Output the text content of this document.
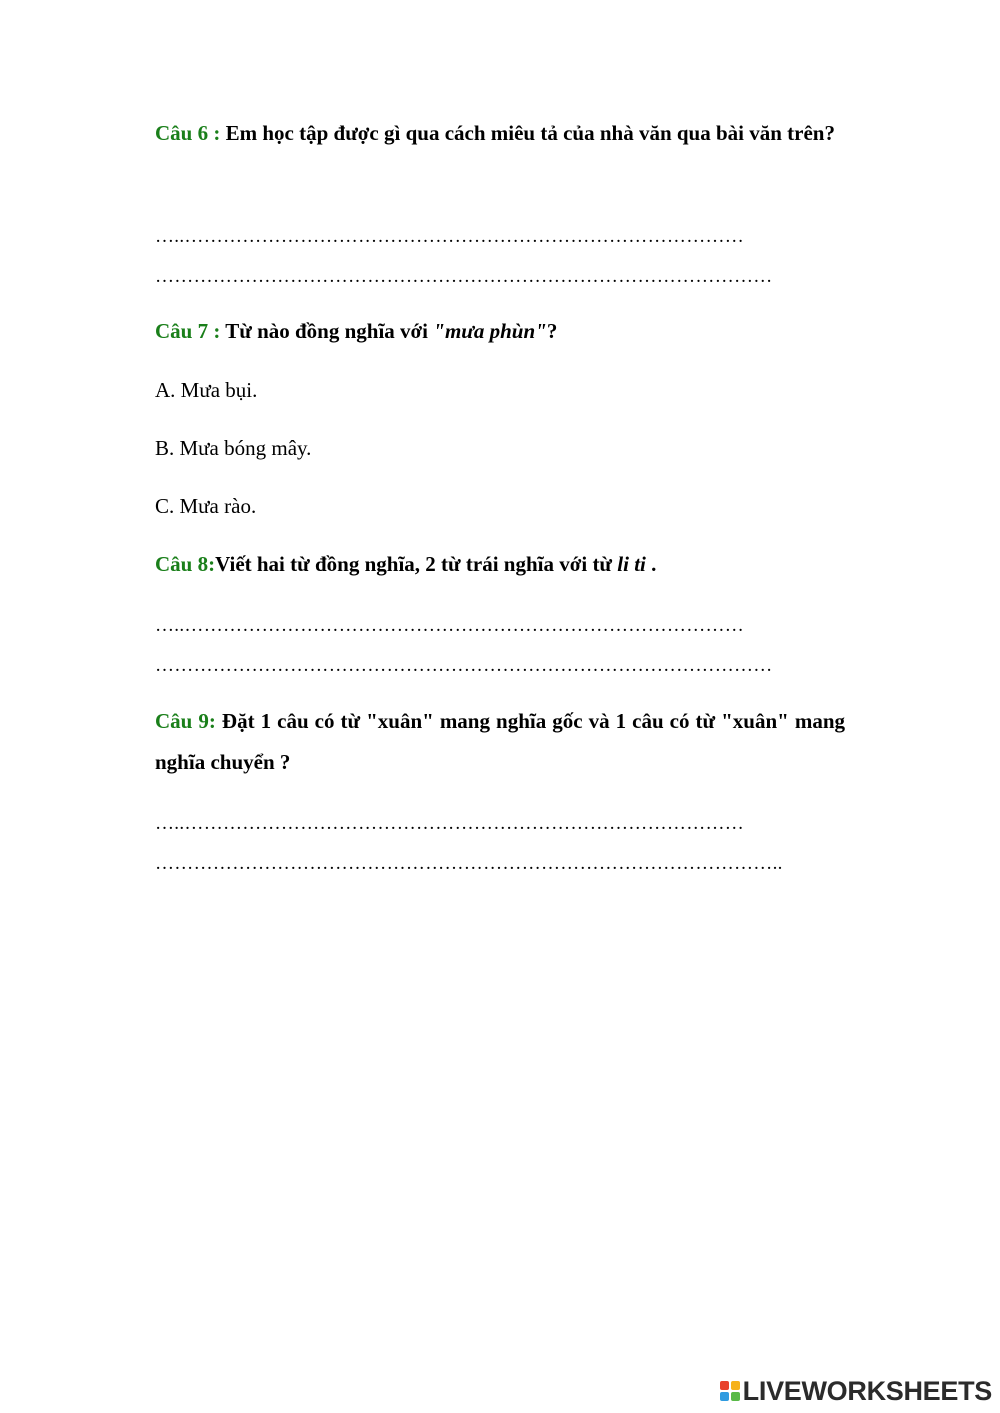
Câu 6 : Em học tập được gì qua cách miêu tả của nhà văn qua bài văn trên?
…..……………………………………………………………………………
……………………………………………………………………………………
Câu 7 : Từ nào đồng nghĩa với "mưa phùn"?
A. Mưa bụi.
B. Mưa bóng mây.
C. Mưa rào.
Câu 8:Viết hai từ đồng nghĩa, 2 từ trái nghĩa với từ li ti .
…..……………………………………………………………………………
……………………………………………………………………………………
Câu 9: Đặt 1 câu có từ "xuân" mang nghĩa gốc và 1 câu có từ "xuân" mang nghĩa chuyển ?
…..……………………………………………………………………………
……………………………………………………………………………………..
LIVEWORKSHEETS
